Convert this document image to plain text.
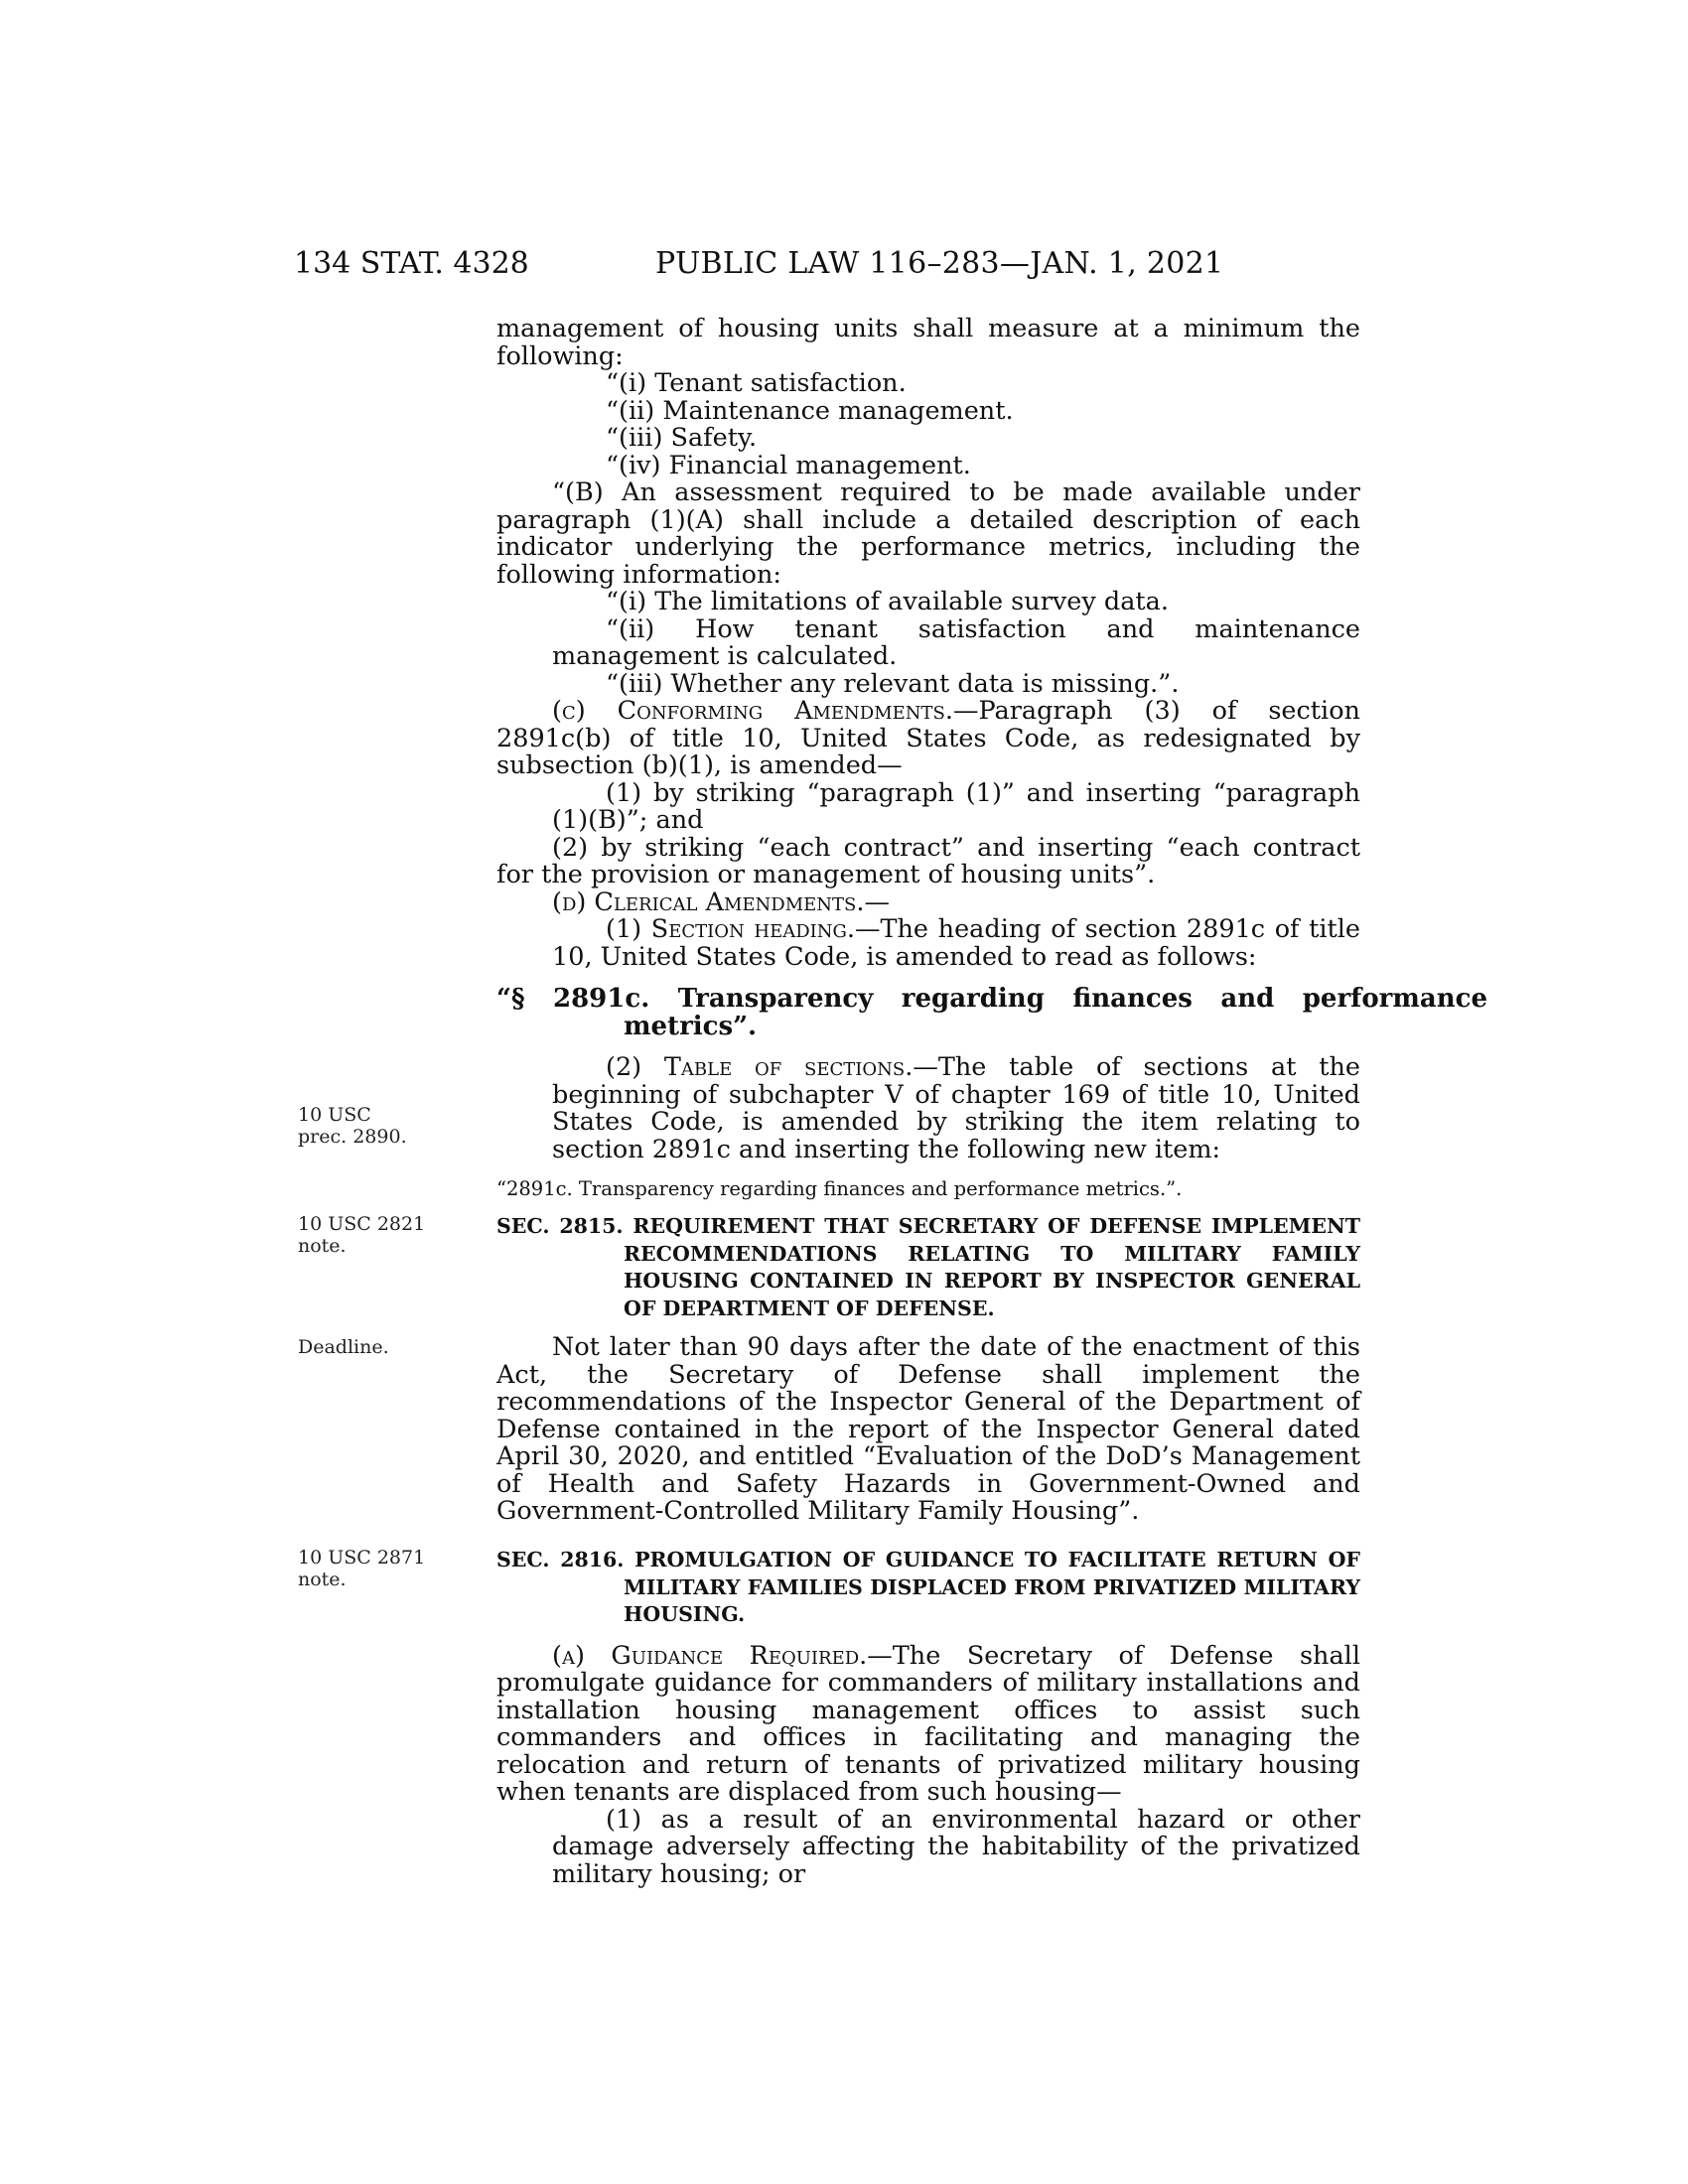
134 STAT. 4328	PUBLIC LAW 116–283—JAN. 1, 2021

management of housing units shall measure at a minimum the following:

“(i) Tenant satisfaction.

“(ii) Maintenance management.

“(iii) Safety.

“(iv) Financial management.

“(B) An assessment required to be made available under paragraph (1)(A) shall include a detailed description of each indicator underlying the performance metrics, including the following information:

“(i) The limitations of available survey data.

“(ii) How tenant satisfaction and maintenance management is calculated.

“(iii) Whether any relevant data is missing.”.

(c) Conforming Amendments.—Paragraph (3) of section 2891c(b) of title 10, United States Code, as redesignated by subsection (b)(1), is amended—

(1) by striking “paragraph (1)” and inserting “paragraph (1)(B)”; and

(2) by striking “each contract” and inserting “each contract for the provision or management of housing units”.

(d) Clerical Amendments.—

(1) Section heading.—The heading of section 2891c of title 10, United States Code, is amended to read as follows:

“§ 2891c. Transparency regarding finances and performance metrics”.

(2) Table of sections.—The table of sections at the beginning of subchapter V of chapter 169 of title 10, United States Code, is amended by striking the item relating to section 2891c and inserting the following new item:

“2891c. Transparency regarding finances and performance metrics.”.

SEC. 2815. REQUIREMENT THAT SECRETARY OF DEFENSE IMPLEMENT RECOMMENDATIONS RELATING TO MILITARY FAMILY HOUSING CONTAINED IN REPORT BY INSPECTOR GENERAL OF DEPARTMENT OF DEFENSE.

Not later than 90 days after the date of the enactment of this Act, the Secretary of Defense shall implement the recommendations of the Inspector General of the Department of Defense contained in the report of the Inspector General dated April 30, 2020, and entitled “Evaluation of the DoD’s Management of Health and Safety Hazards in Government-Owned and Government-Controlled Military Family Housing”.

SEC. 2816. PROMULGATION OF GUIDANCE TO FACILITATE RETURN OF MILITARY FAMILIES DISPLACED FROM PRIVATIZED MILITARY HOUSING.

(a) Guidance Required.—The Secretary of Defense shall promulgate guidance for commanders of military installations and installation housing management offices to assist such commanders and offices in facilitating and managing the relocation and return of tenants of privatized military housing when tenants are displaced from such housing—

(1) as a result of an environmental hazard or other damage adversely affecting the habitability of the privatized military housing; or

10 USC
prec. 2890.
10 USC 2821
note.
Deadline.
10 USC 2871
note.
